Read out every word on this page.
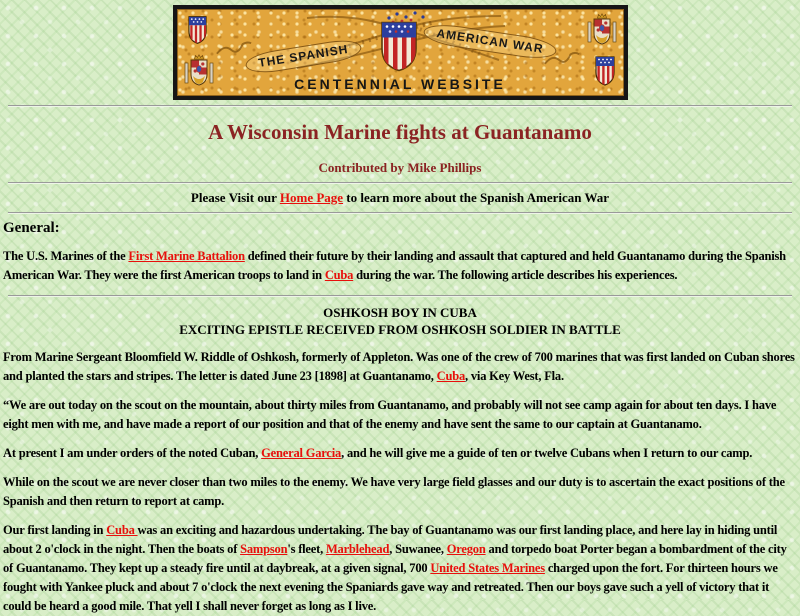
THE SPANISH
AMERICAN WAR
CENTENNIAL WEBSITE
A Wisconsin Marine fights at Guantanamo

Contributed by Mike Phillips

Please Visit our Home Page to learn more about the Spanish American War

General:

The U.S. Marines of the First Marine Battalion defined their future by their landing and assault that captured and held Guantanamo during the Spanish American War. They were the first American troops to land in Cuba during the war. The following article describes his experiences.

OSHKOSH BOY IN CUBA
EXCITING EPISTLE RECEIVED FROM OSHKOSH SOLDIER IN BATTLE

From Marine Sergeant Bloomfield W. Riddle of Oshkosh, formerly of Appleton. Was one of the crew of 700 marines that was first landed on Cuban shores and planted the stars and stripes. The letter is dated June 23 [1898] at Guantanamo, Cuba, via Key West, Fla.

“We are out today on the scout on the mountain, about thirty miles from Guantanamo, and probably will not see camp again for about ten days. I have eight men with me, and have made a report of our position and that of the enemy and have sent the same to our captain at Guantanamo.

At present I am under orders of the noted Cuban, General Garcia, and he will give me a guide of ten or twelve Cubans when I return to our camp.

While on the scout we are never closer than two miles to the enemy. We have very large field glasses and our duty is to ascertain the exact positions of the Spanish and then return to report at camp.

Our first landing in Cuba was an exciting and hazardous undertaking. The bay of Guantanamo was our first landing place, and here lay in hiding until about 2 o'clock in the night. Then the boats of Sampson's fleet, Marblehead, Suwanee, Oregon and torpedo boat Porter began a bombardment of the city of Guantanamo. They kept up a steady fire until at daybreak, at a given signal, 700 United States Marines charged upon the fort. For thirteen hours we fought with Yankee pluck and about 7 o'clock the next evening the Spaniards gave way and retreated. Then our boys gave such a yell of victory that it could be heard a good mile. That yell I shall never forget as long as I live.
